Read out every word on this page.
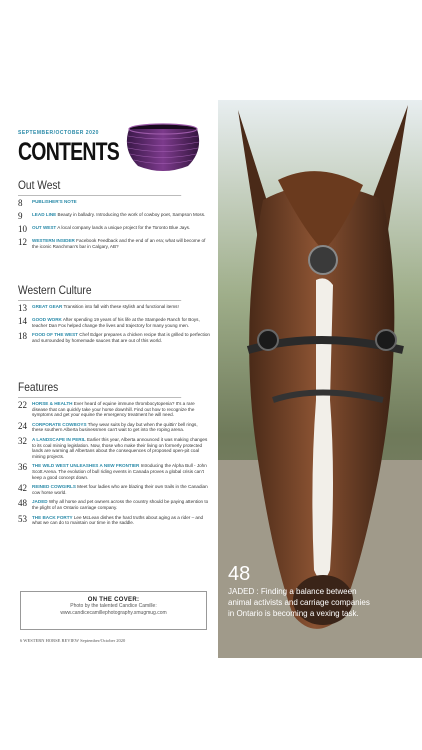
SEPTEMBER/OCTOBER 2020
CONTENTS
Out West
8	PUBLISHER'S NOTE
9	LEAD LINE Beauty in balladry. Introducing the work of cowboy poet, Sampson Moss.
10	OUT WEST A local company lands a unique project for the Toronto Blue Jays.
12	WESTERN INSIDER Facebook Feedback and the end of an era; what will become of the iconic Ranchman's bar in Calgary, AB?
Western Culture
13	GREAT GEAR Transition into fall with these stylish and functional items!
14	GOOD WORK After spending 19 years of his life at the Stampede Ranch for Boys, teacher Dan Fox helped change the lives and trajectory for many young men.
18	FOOD OF THE WEST Chef Edger prepares a chicken recipe that is grilled to perfection and surrounded by homemade sauces that are out of this world.
Features
22	HORSE & HEALTH Ever heard of equine immune thrombocytopenia? It's a rare disease that can quickly take your horse downhill. Find out how to recognize the symptoms and get your equine the emergency treatment he will need.
24	CORPORATE COWBOYS They wear suits by day but when the quittin' bell rings, these southern Alberta businessmen can't wait to get into the roping arena.
32	A LANDSCAPE IN PERIL Earlier this year, Alberta announced it was making changes to its coal mining legislation. Now, those who make their living on formerly protected lands are warning all Albertans about the consequences of proposed open-pit coal mining projects.
36	THE WILD WEST UNLEASHES A NEW FRONTIER Introducing the Alpha Bull - John Scott Arena. The evolution of bull riding events in Canada proves a global crisis can't keep a good concept down.
42	REINED COWGIRLS Meet four ladies who are blazing their own trails in the Canadian cow horse world.
48	JADED Why all horse and pet owners across the country should be paying attention to the plight of an Ontario carriage company.
53	THE BACK FORTY Lee McLean dishes the hard truths about aging as a rider – and what we can do to maintain our time in the saddle.
ON THE COVER:
Photo by the talented Candice Camille:
www.candicecamillephotography.smugmug.com
6 WESTERN HORSE REVIEW September/October 2020
48
JADED : Finding a balance between
animal activists and carriage companies
in Ontario is becoming a vexing task.
